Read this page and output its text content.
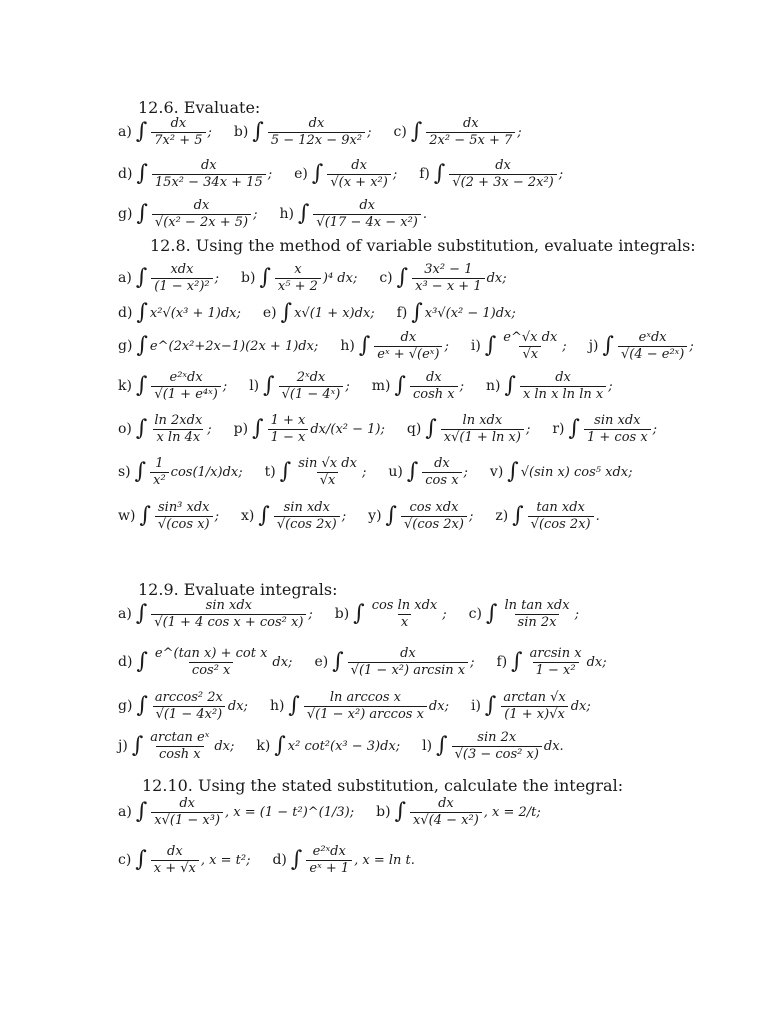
12.6. Evaluate:
a) ∫ $\frac{dx}{\text{7x² + 5}}$ ; b) ∫ $\frac{dx}{\text{5 − 12x − 9x²}}$ ; c) ∫ $\frac{dx}{\text{2x² − 5x + 7}}$ ;
d) ∫ $\frac{dx}{\text{15x² − 34x + 15}}$ ; e) ∫ $\frac{dx}{\text{√(x + x²)}}$ ; f) ∫ $\frac{dx}{\text{√(2 + 3x − 2x²)}}$ ;
g) ∫ $\frac{dx}{\text{√(x² − 2x + 5)}}$ ; h) ∫ $\frac{dx}{\text{√(17 − 4x − x²)}}$ .
12.8. Using the method of variable substitution, evaluate integrals:
a) ∫ $\frac{\text{xdx}}{\text{(1 − x²)²}}$ ; b) ∫ $\frac{x}{\text{x⁵ + 2}} )^4$ dx; c) ∫ $\frac{\text{3x² − 1}}{\text{x³ − x + 1}}$ dx;
d) ∫ x²√(x³ + 1)dx; e) ∫ x√(1 + x)dx; f) ∫ x³√(x² − 1)dx;
g) ∫ e^(2x²+2x−1)(2x + 1)dx; h) ∫ $\frac{dx}{\text{eˣ + √(eˣ)}}$ ; i) ∫ $\frac{\text{e\textasciicircum{}√x dx}}{√x}$ ; j) ∫ $\frac{\text{eˣdx}}{\text{√(4 − e²ˣ)}}$ ;
k) ∫ $\frac{\text{e²ˣdx}}{\text{√(1 + e⁴ˣ)}}$ ; l) ∫ $\frac{\text{2ˣdx}}{\text{√(1 − 4ˣ)}}$ ; m) ∫ $\frac{dx}{\text{cosh x}}$ ; n) ∫ $\frac{dx}{\text{x ln x ln ln x}}$ ;
o) ∫ $\frac{\text{ln 2xdx}}{\text{x ln 4x}}$ ; p) ∫ $\frac{1 + x}{1 - x} dx/(x^2 - 1)$; q) ∫ $\frac{\text{ln xdx}}{\text{x√(1 + ln x)}}$ ; r) ∫ $\frac{\text{sin xdx}}{\text{1 + cos x}}$ ;
s) ∫ $\frac{1}{\text{x²}} \cos(1/x)dx$; t) ∫ $\frac{\text{sin √x dx}}{√x}$ ; u) ∫ $\frac{dx}{\text{cos x}}$ ; v) ∫ √(sin x) cos⁵ xdx;
w) ∫ $\frac{\text{sin³ xdx}}{\text{√(cos x)}}$ ; x) ∫ $\frac{\text{sin xdx}}{√(\cos 2x)}$ ; y) ∫ $\frac{\text{cos xdx}}{√(\cos 2x)}$ ; z) ∫ $\frac{\text{tan xdx}}{√(\cos 2x)}$ .
12.9. Evaluate integrals:
a) ∫ $\frac{\text{sin xdx}}{\text{√(1 + 4 cos x + cos² x)}}$ ; b) ∫ $\frac{\text{cos ln xdx}}{x}$ ; c) ∫ $\frac{\text{ln tan xdx}}{\sin 2x}$ ;
d) ∫ $\frac{\text{e\textasciicircum{}(tan x) + cot x}}{\text{cos² x}}$ dx; e) ∫ $\frac{dx}{\text{√(1 − x²) arcsin x}}$ ; f) ∫ $\frac{\text{arcsin x}}{\text{1 − x²}}$ dx;
g) ∫ $\frac{\text{arccos² 2x}}{\text{√(1 − 4x²)}}$ dx; h) ∫ $\frac{\text{ln arccos x}}{\text{√(1 − x²) arccos x}}$ dx; i) ∫ $\frac{\arctan √x}{(1 + x)√x}$ dx;
j) ∫ $\frac{\text{arctan eˣ}}{\text{cosh x}}$ dx; k) ∫ x² cot²(x³ − 3)dx; l) ∫ $\frac{\sin 2x}{\text{√(3 − cos² x)}}$ dx.
12.10. Using the stated substitution, calculate the integral:
a) ∫ $\frac{dx}{\text{x√(1 − x³)}}$ , x = (1 − t²)^(1/3); b) ∫ $\frac{dx}{\text{x√(4 − x²)}}$ , x = 2/t;
c) ∫ $\frac{dx}{x + √x}$ , x = t²; d) ∫ $\frac{\text{e²ˣdx}}{\text{eˣ + 1}}$ , x = ln t.
